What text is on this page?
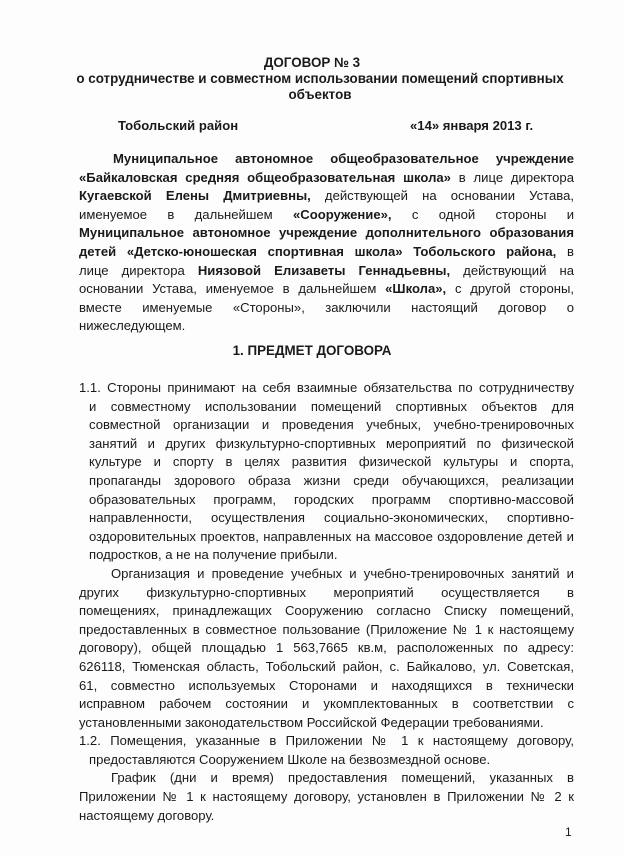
ДОГОВОР № 3
о сотрудничестве и совместном использовании помещений спортивных
объектов
Тобольский район	«14» января 2013 г.
Муниципальное автономное общеобразовательное учреждение
«Байкаловская средняя общеобразовательная школа» в лице директора
Кугаевской Елены Дмитриевны, действующей на основании Устава,
именуемое в дальнейшем «Сооружение», с одной стороны и
Муниципальное автономное учреждение дополнительного образования
детей «Детско-юношеская спортивная школа» Тобольского района, в
лице директора Ниязовой Елизаветы Геннадьевны, действующий на
основании Устава, именуемое в дальнейшем «Школа», с другой стороны,
вместе именуемые «Стороны», заключили настоящий договор о
нижеследующем.
1. ПРЕДМЕТ ДОГОВОРА
1.1. Стороны принимают на себя взаимные обязательства по сотрудничеству
и совместному использовании помещений спортивных объектов для
совместной организации и проведения учебных, учебно-тренировочных
занятий и других физкультурно-спортивных мероприятий по физической
культуре и спорту в целях развития физической культуры и спорта,
пропаганды здорового образа жизни среди обучающихся, реализации
образовательных программ, городских программ спортивно-массовой
направленности, осуществления социально-экономических, спортивно-
оздоровительных проектов, направленных на массовое оздоровление детей и
подростков, а не на получение прибыли.
Организация и проведение учебных и учебно-тренировочных занятий и
других физкультурно-спортивных мероприятий осуществляется в
помещениях, принадлежащих Сооружению согласно Списку помещений,
предоставленных в совместное пользование (Приложение № 1 к настоящему
договору), общей площадью 1 563,7665 кв.м, расположенных по адресу:
626118, Тюменская область, Тобольский район, с. Байкалово, ул. Советская,
61, совместно используемых Сторонами и находящихся в технически
исправном рабочем состоянии и укомплектованных в соответствии с
установленными законодательством Российской Федерации требованиями.
1.2. Помещения, указанные в Приложении № 1 к настоящему договору,
предоставляются Сооружением Школе на безвозмездной основе.
График (дни и время) предоставления помещений, указанных в
Приложении № 1 к настоящему договору, установлен в Приложении № 2 к
настоящему договору.
1
